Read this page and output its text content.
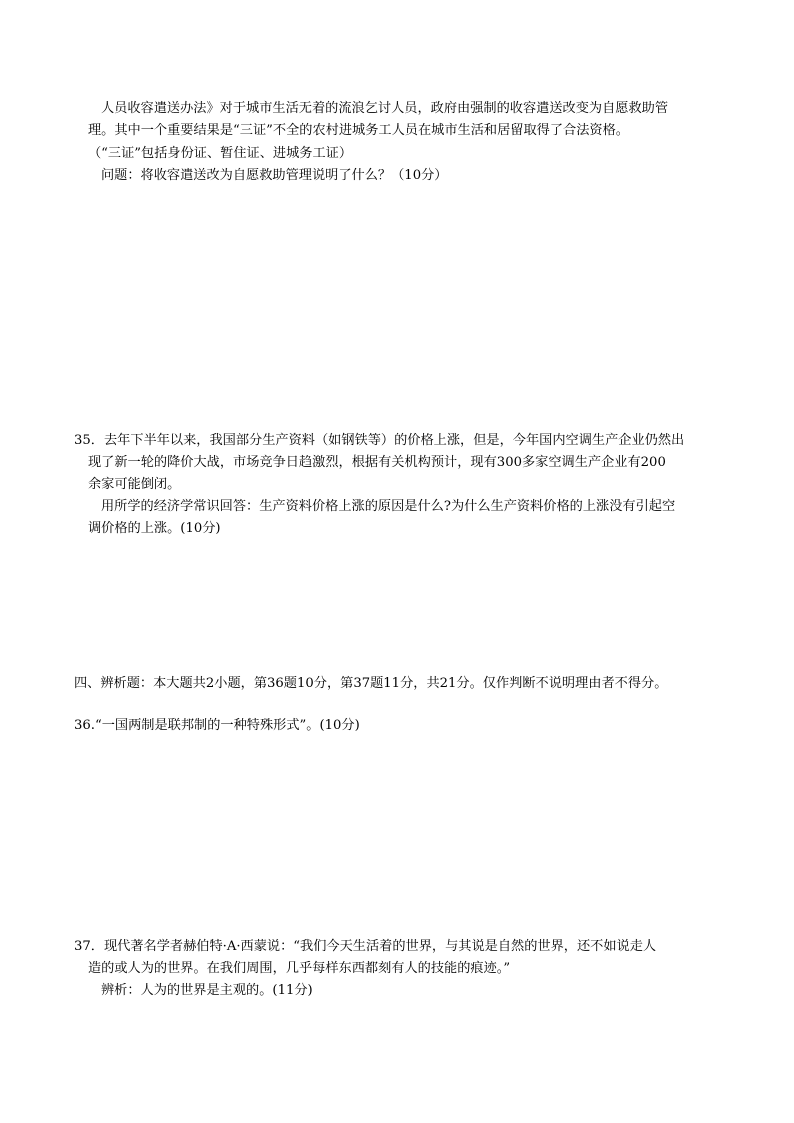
人员收容遣送办法》对于城市生活无着的流浪乞讨人员，政府由强制的收容遣送改变为自愿救助管
理。其中一个重要结果是“三证”不全的农村进城务工人员在城市生活和居留取得了合法资格。
（“三证”包括身份证、暂住证、进城务工证）
问题：将收容遣送改为自愿救助管理说明了什么？（10分）
35．去年下半年以来，我国部分生产资料（如钢铁等）的价格上涨，但是，今年国内空调生产企业仍然出
现了新一轮的降价大战，市场竞争日趋激烈，根据有关机构预计，现有300多家空调生产企业有200
余家可能倒闭。
用所学的经济学常识回答：生产资料价格上涨的原因是什么?为什么生产资料价格的上涨没有引起空
调价格的上涨。(10分)
四、辨析题：本大题共2小题，第36题10分，第37题11分，共21分。仅作判断不说明理由者不得分。
36.“一国两制是联邦制的一种特殊形式”。(10分)
37．现代著名学者赫伯特·A·西蒙说：“我们今天生活着的世界，与其说是自然的世界，还不如说走人
造的或人为的世界。在我们周围，几乎每样东西都刻有人的技能的痕迹。”
辨析：人为的世界是主观的。(11分)
